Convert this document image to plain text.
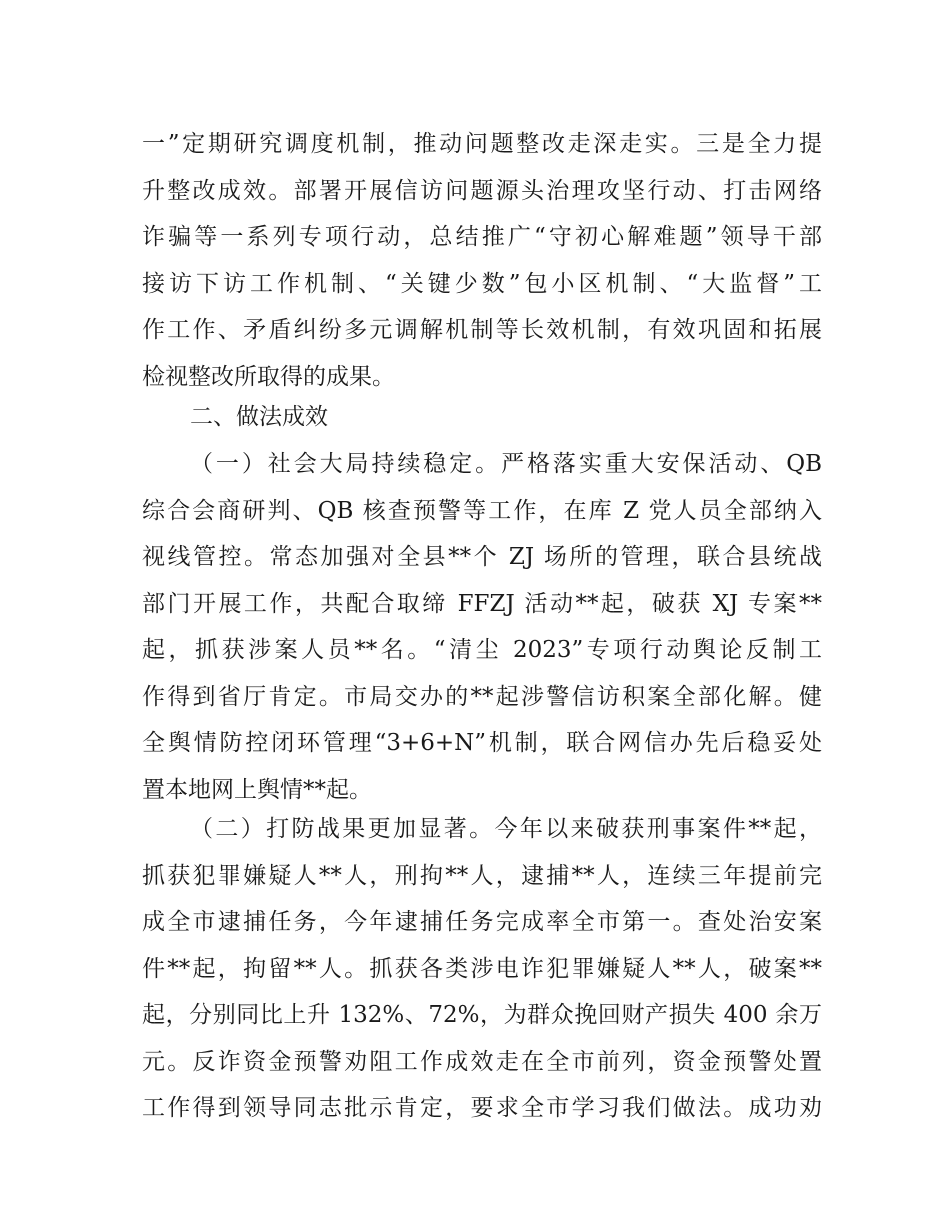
一”定期研究调度机制，推动问题整改走深走实。三是全力提
升整改成效。部署开展信访问题源头治理攻坚行动、打击网络
诈骗等一系列专项行动，总结推广“守初心解难题”领导干部
接访下访工作机制、“关键少数”包小区机制、“大监督”工
作工作、矛盾纠纷多元调解机制等长效机制，有效巩固和拓展
检视整改所取得的成果。
二、做法成效
（一）社会大局持续稳定。严格落实重大安保活动、QB
综合会商研判、QB 核查预警等工作，在库 Z 党人员全部纳入
视线管控。常态加强对全县**个 ZJ 场所的管理，联合县统战
部门开展工作，共配合取缔 FFZJ 活动**起，破获 XJ 专案**
起，抓获涉案人员**名。“清尘 2023”专项行动舆论反制工
作得到省厅肯定。市局交办的**起涉警信访积案全部化解。健
全舆情防控闭环管理“3+6+N”机制，联合网信办先后稳妥处
置本地网上舆情**起。
（二）打防战果更加显著。今年以来破获刑事案件**起，
抓获犯罪嫌疑人**人，刑拘**人，逮捕**人，连续三年提前完
成全市逮捕任务，今年逮捕任务完成率全市第一。查处治安案
件**起，拘留**人。抓获各类涉电诈犯罪嫌疑人**人，破案**
起，分别同比上升 132%、72%，为群众挽回财产损失 400 余万
元。反诈资金预警劝阻工作成效走在全市前列，资金预警处置
工作得到领导同志批示肯定，要求全市学习我们做法。成功劝
